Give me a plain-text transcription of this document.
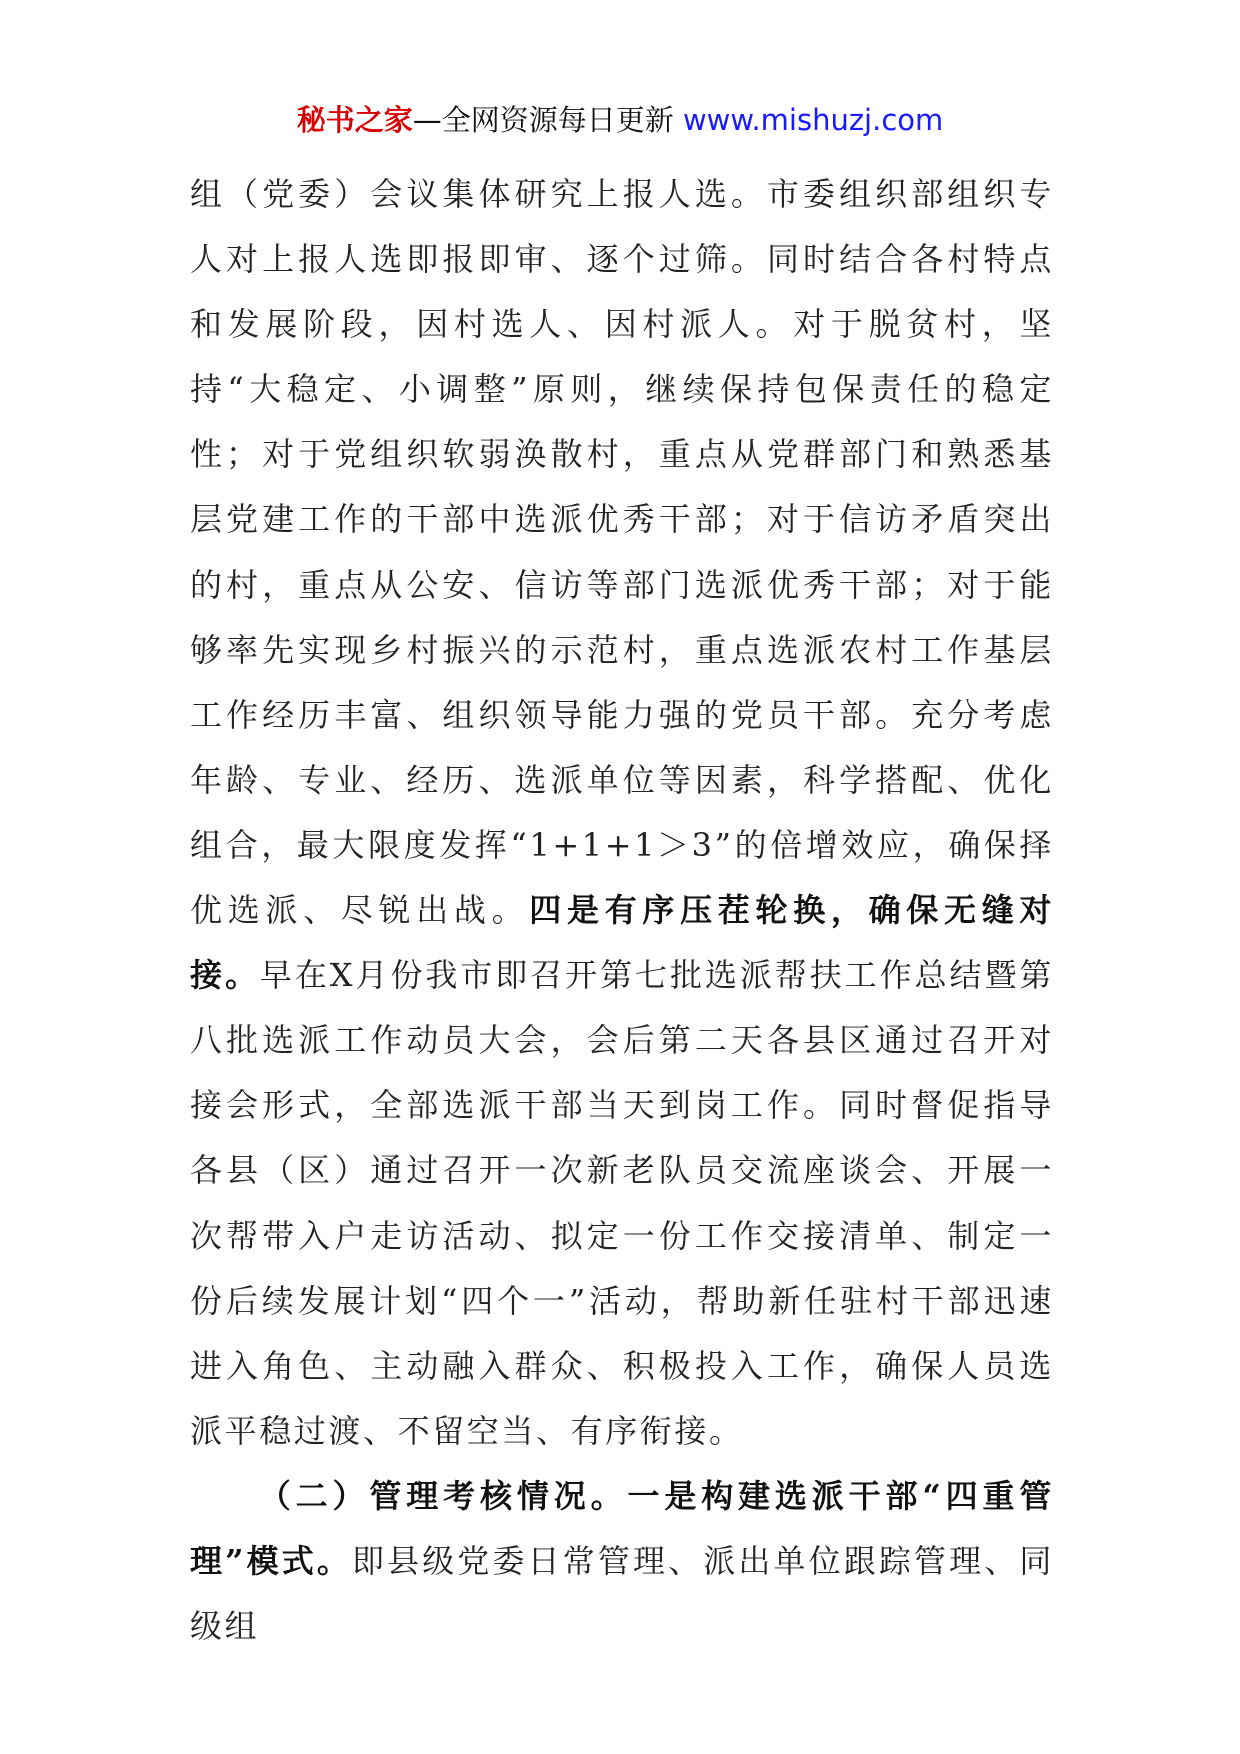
秘书之家—全网资源每日更新 www.mishuzj.com

组（党委）会议集体研究上报人选。市委组织部组织专人对上报人选即报即审、逐个过筛。同时结合各村特点和发展阶段，因村选人、因村派人。对于脱贫村，坚持“大稳定、小调整”原则，继续保持包保责任的稳定性；对于党组织软弱涣散村，重点从党群部门和熟悉基层党建工作的干部中选派优秀干部；对于信访矛盾突出的村，重点从公安、信访等部门选派优秀干部；对于能够率先实现乡村振兴的示范村，重点选派农村工作基层工作经历丰富、组织领导能力强的党员干部。充分考虑年龄、专业、经历、选派单位等因素，科学搭配、优化组合，最大限度发挥“1+1+1＞3”的倍增效应，确保择优选派、尽锐出战。四是有序压茬轮换，确保无缝对接。早在X月份我市即召开第七批选派帮扶工作总结暨第八批选派工作动员大会，会后第二天各县区通过召开对接会形式，全部选派干部当天到岗工作。同时督促指导各县（区）通过召开一次新老队员交流座谈会、开展一次帮带入户走访活动、拟定一份工作交接清单、制定一份后续发展计划“四个一”活动，帮助新任驻村干部迅速进入角色、主动融入群众、积极投入工作，确保人员选派平稳过渡、不留空当、有序衔接。

（二）管理考核情况。一是构建选派干部“四重管理”模式。即县级党委日常管理、派出单位跟踪管理、同级组
